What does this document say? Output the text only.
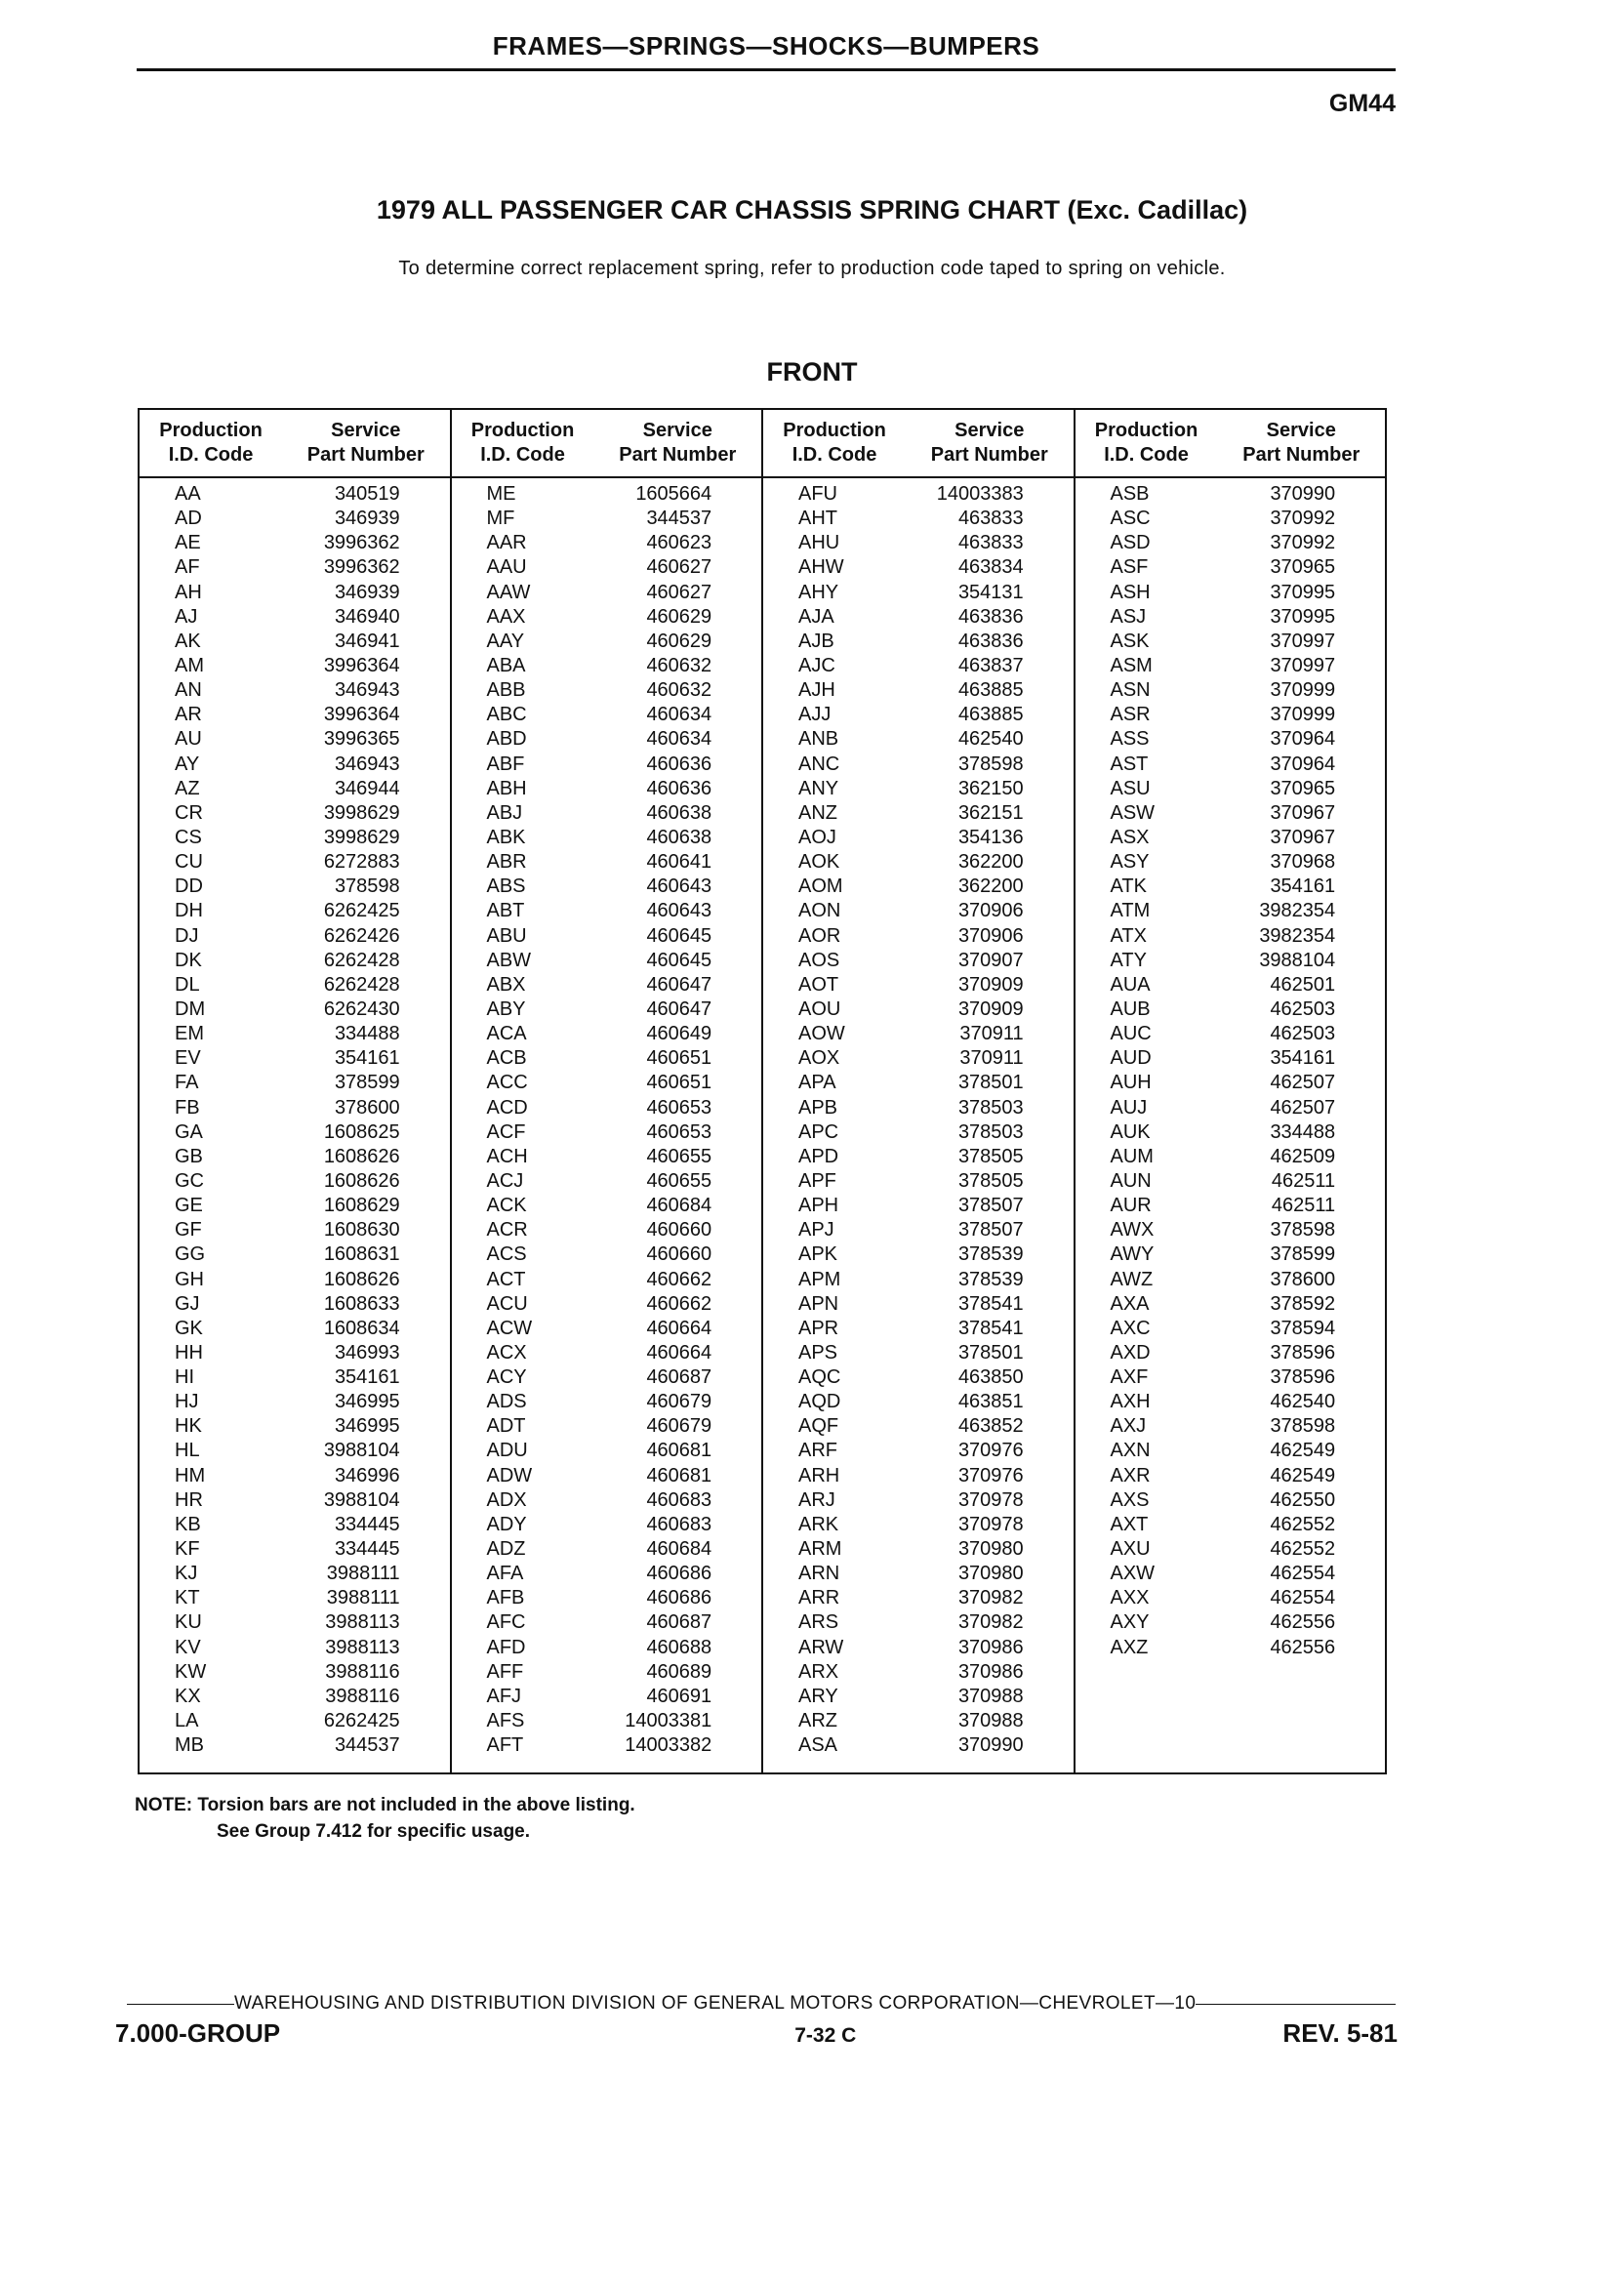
FRAMES—SPRINGS—SHOCKS—BUMPERS
GM44
1979 ALL PASSENGER CAR CHASSIS SPRING CHART (Exc. Cadillac)
To determine correct replacement spring, refer to production code taped to spring on vehicle.
FRONT
Production
I.D. Code
Service
Part Number
AA	340519
AD	346939
AE	3996362
AF	3996362
AH	346939
AJ	346940
AK	346941
AM	3996364
AN	346943
AR	3996364
AU	3996365
AY	346943
AZ	346944
CR	3998629
CS	3998629
CU	6272883
DD	378598
DH	6262425
DJ	6262426
DK	6262428
DL	6262428
DM	6262430
EM	334488
EV	354161
FA	378599
FB	378600
GA	1608625
GB	1608626
GC	1608626
GE	1608629
GF	1608630
GG	1608631
GH	1608626
GJ	1608633
GK	1608634
HH	346993
HI	354161
HJ	346995
HK	346995
HL	3988104
HM	346996
HR	3988104
KB	334445
KF	334445
KJ	3988111
KT	3988111
KU	3988113
KV	3988113
KW	3988116
KX	3988116
LA	6262425
MB	344537
Production
I.D. Code
Service
Part Number
ME	1605664
MF	344537
AAR	460623
AAU	460627
AAW	460627
AAX	460629
AAY	460629
ABA	460632
ABB	460632
ABC	460634
ABD	460634
ABF	460636
ABH	460636
ABJ	460638
ABK	460638
ABR	460641
ABS	460643
ABT	460643
ABU	460645
ABW	460645
ABX	460647
ABY	460647
ACA	460649
ACB	460651
ACC	460651
ACD	460653
ACF	460653
ACH	460655
ACJ	460655
ACK	460684
ACR	460660
ACS	460660
ACT	460662
ACU	460662
ACW	460664
ACX	460664
ACY	460687
ADS	460679
ADT	460679
ADU	460681
ADW	460681
ADX	460683
ADY	460683
ADZ	460684
AFA	460686
AFB	460686
AFC	460687
AFD	460688
AFF	460689
AFJ	460691
AFS	14003381
AFT	14003382
Production
I.D. Code
Service
Part Number
AFU	14003383
AHT	463833
AHU	463833
AHW	463834
AHY	354131
AJA	463836
AJB	463836
AJC	463837
AJH	463885
AJJ	463885
ANB	462540
ANC	378598
ANY	362150
ANZ	362151
AOJ	354136
AOK	362200
AOM	362200
AON	370906
AOR	370906
AOS	370907
AOT	370909
AOU	370909
AOW	370911
AOX	370911
APA	378501
APB	378503
APC	378503
APD	378505
APF	378505
APH	378507
APJ	378507
APK	378539
APM	378539
APN	378541
APR	378541
APS	378501
AQC	463850
AQD	463851
AQF	463852
ARF	370976
ARH	370976
ARJ	370978
ARK	370978
ARM	370980
ARN	370980
ARR	370982
ARS	370982
ARW	370986
ARX	370986
ARY	370988
ARZ	370988
ASA	370990
Production
I.D. Code
Service
Part Number
ASB	370990
ASC	370992
ASD	370992
ASF	370965
ASH	370995
ASJ	370995
ASK	370997
ASM	370997
ASN	370999
ASR	370999
ASS	370964
AST	370964
ASU	370965
ASW	370967
ASX	370967
ASY	370968
ATK	354161
ATM	3982354
ATX	3982354
ATY	3988104
AUA	462501
AUB	462503
AUC	462503
AUD	354161
AUH	462507
AUJ	462507
AUK	334488
AUM	462509
AUN	462511
AUR	462511
AWX	378598
AWY	378599
AWZ	378600
AXA	378592
AXC	378594
AXD	378596
AXF	378596
AXH	462540
AXJ	378598
AXN	462549
AXR	462549
AXS	462550
AXT	462552
AXU	462552
AXW	462554
AXX	462554
AXY	462556
AXZ	462556
NOTE: Torsion bars are not included in the above listing.
See Group 7.412 for specific usage.
WAREHOUSING AND DISTRIBUTION DIVISION OF GENERAL MOTORS CORPORATION—CHEVROLET—10
7.000-GROUP	7-32 C	REV. 5-81
